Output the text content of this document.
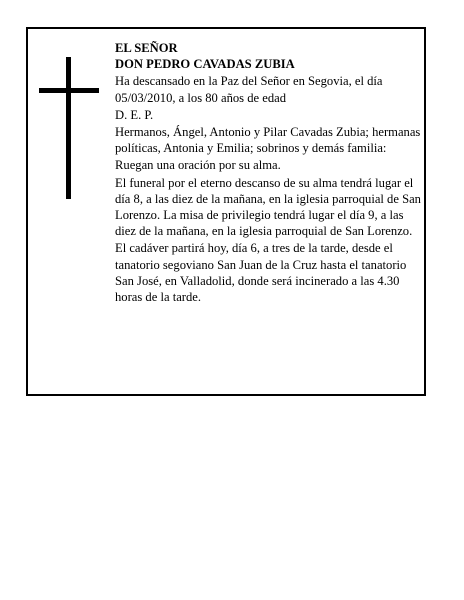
EL SEÑOR

DON PEDRO CAVADAS ZUBIA

Ha descansado en la Paz del Señor en Segovia, el día 05/03/2010, a los 80 años de edad

D. E. P.

Hermanos, Ángel, Antonio y Pilar Cavadas Zubia; hermanas políticas, Antonia y Emilia; sobrinos y demás familia:

Ruegan una oración por su alma.

El funeral por el eterno descanso de su alma tendrá lugar el día 8, a las diez de la mañana, en la iglesia parroquial de San Lorenzo. La misa de privilegio tendrá lugar el día 9, a las diez de la mañana, en la iglesia parroquial de San Lorenzo.

El cadáver partirá hoy, día 6, a tres de la tarde, desde el tanatorio segoviano San Juan de la Cruz hasta el tanatorio San José, en Valladolid, donde será incinerado a las 4.30 horas de la tarde.
